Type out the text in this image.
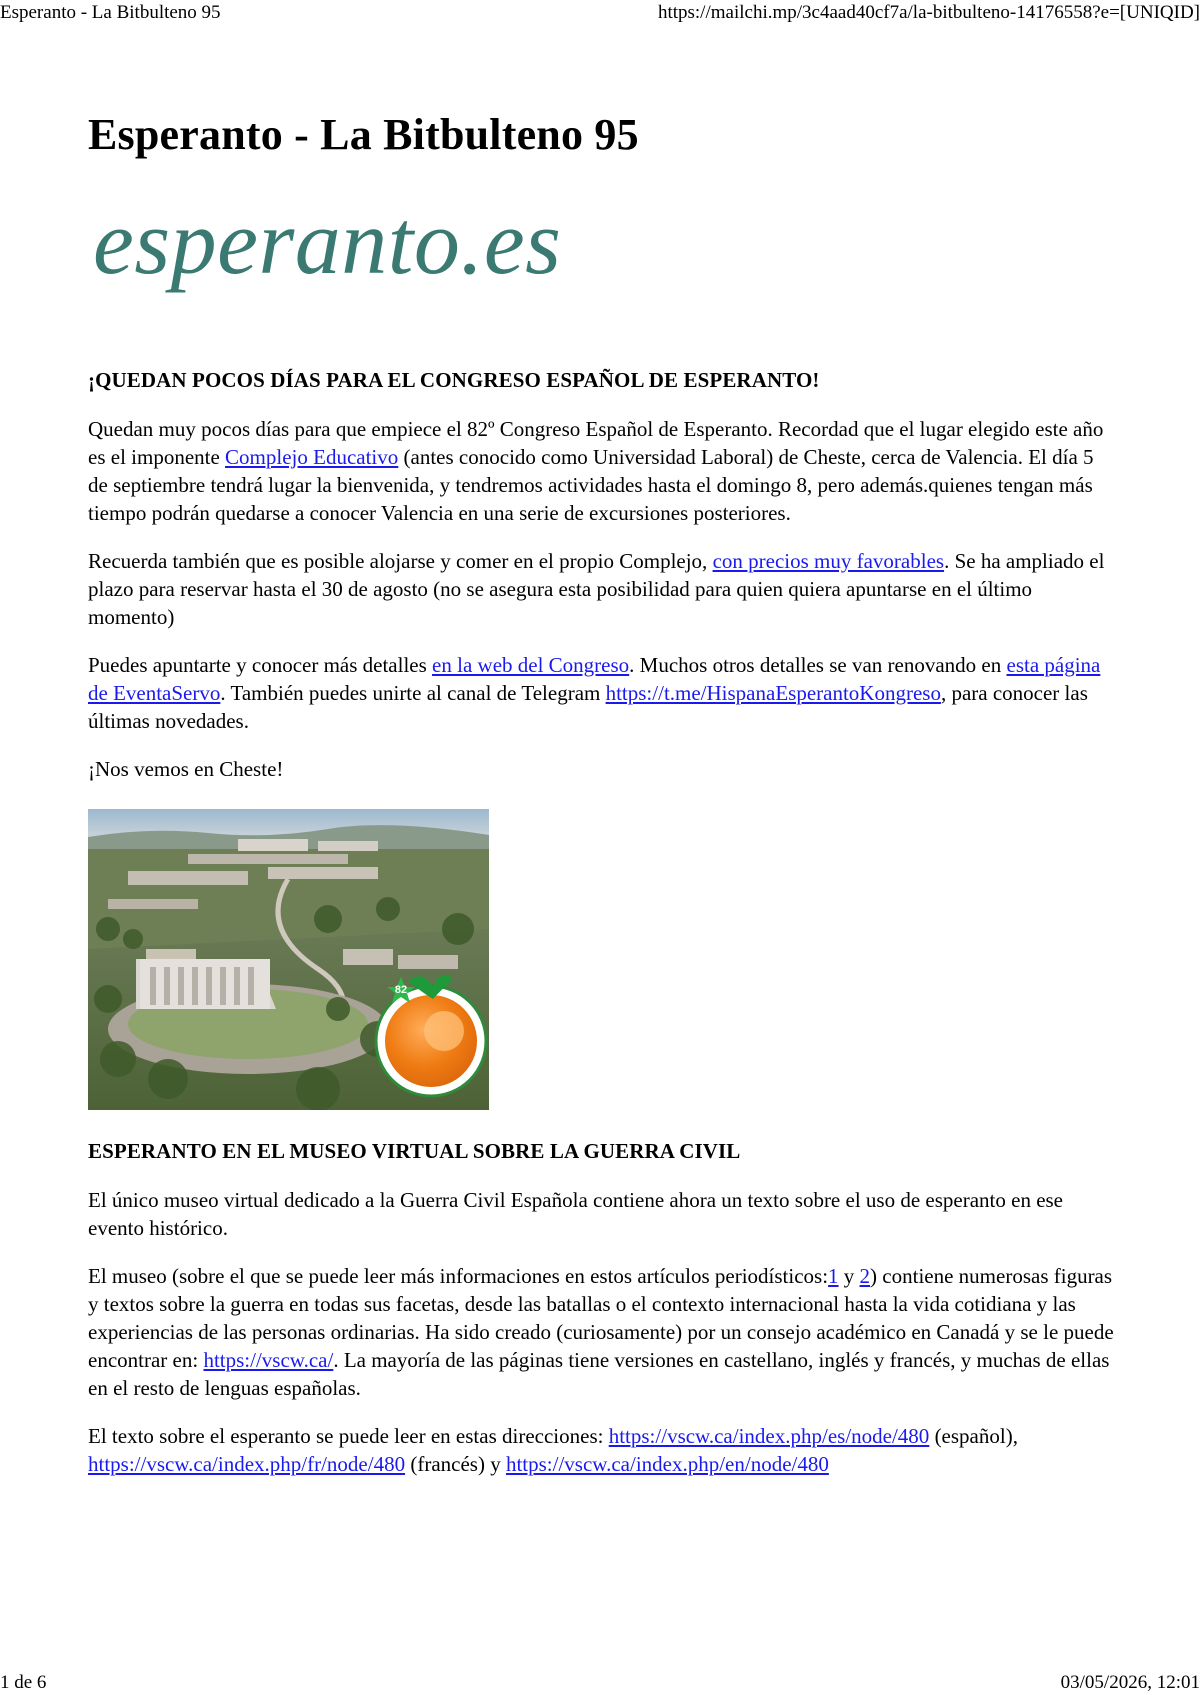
Esperanto - La Bitbulteno 95	https://mailchi.mp/3c4aad40cf7a/la-bitbulteno-14176558?e=[UNIQID]
Esperanto - La Bitbulteno 95
esperanto.es
¡QUEDAN POCOS DÍAS PARA EL CONGRESO ESPAÑOL DE ESPERANTO!

Quedan muy pocos días para que empiece el 82º Congreso Español de Esperanto. Recordad que el lugar elegido este año es el imponente Complejo Educativo (antes conocido como Universidad Laboral) de Cheste, cerca de Valencia. El día 5 de septiembre tendrá lugar la bienvenida, y tendremos actividades hasta el domingo 8, pero además.quienes tengan más tiempo podrán quedarse a conocer Valencia en una serie de excursiones posteriores.

Recuerda también que es posible alojarse y comer en el propio Complejo, con precios muy favorables. Se ha ampliado el plazo para reservar hasta el 30 de agosto (no se asegura esta posibilidad para quien quiera apuntarse en el último momento)

Puedes apuntarte y conocer más detalles en la web del Congreso. Muchos otros detalles se van renovando en esta página de EventaServo. También puedes unirte al canal de Telegram https://t.me/HispanaEsperantoKongreso, para conocer las últimas novedades.

¡Nos vemos en Cheste!

82
ESPERANTO EN EL MUSEO VIRTUAL SOBRE LA GUERRA CIVIL

El único museo virtual dedicado a la Guerra Civil Española contiene ahora un texto sobre el uso de esperanto en ese evento histórico.

El museo (sobre el que se puede leer más informaciones en estos artículos periodísticos:1 y 2) contiene numerosas figuras y textos sobre la guerra en todas sus facetas, desde las batallas o el contexto internacional hasta la vida cotidiana y las experiencias de las personas ordinarias. Ha sido creado (curiosamente) por un consejo académico en Canadá y se le puede encontrar en: https://vscw.ca/. La mayoría de las páginas tiene versiones en castellano, inglés y francés, y muchas de ellas en el resto de lenguas españolas.

El texto sobre el esperanto se puede leer en estas direcciones: https://vscw.ca/index.php/es/node/480 (español), https://vscw.ca/index.php/fr/node/480 (francés) y https://vscw.ca/index.php/en/node/480

1 de 6	03/05/2026, 12:01
